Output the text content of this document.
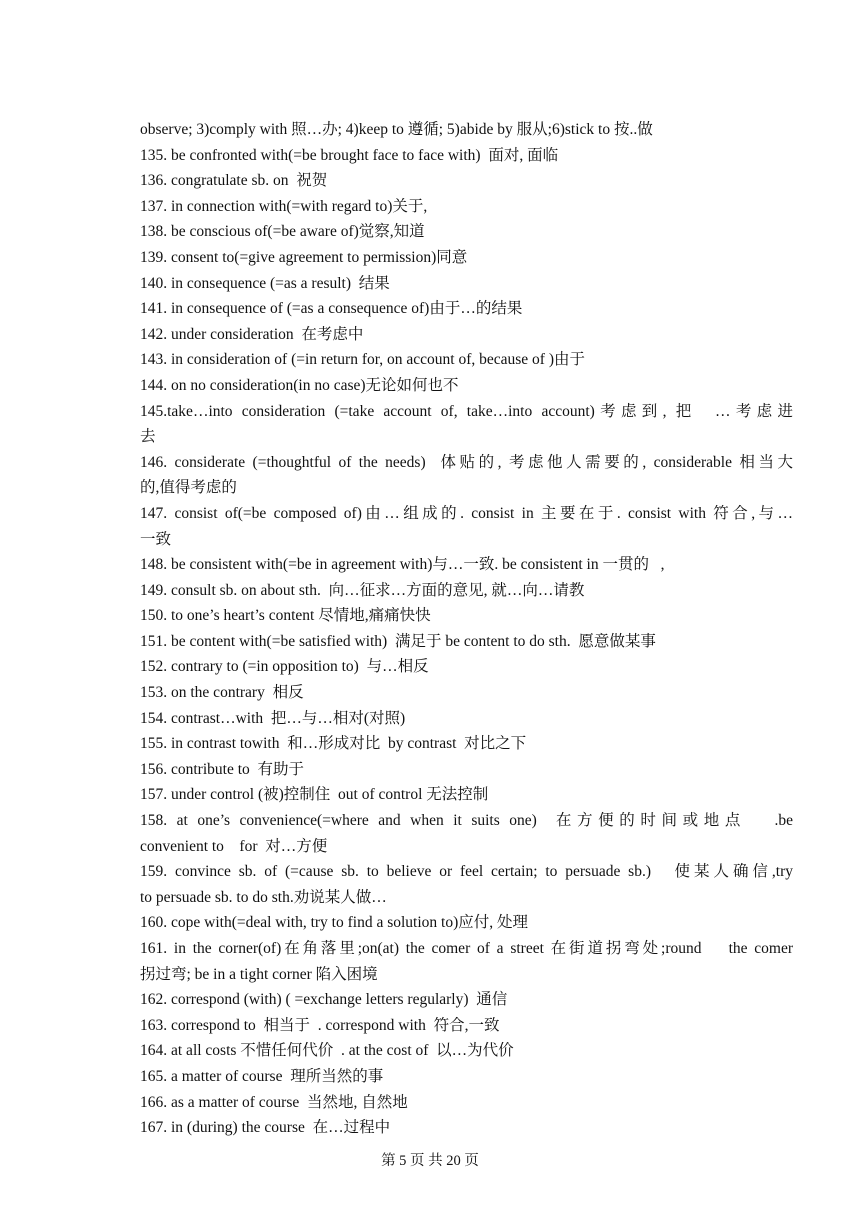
observe; 3)comply with 照…办; 4)keep to 遵循; 5)abide by 服从;6)stick to 按..做
135. be confronted with(=be brought face to face with)  面对, 面临
136. congratulate sb. on  祝贺
137. in connection with(=with regard to)关于,
138. be conscious of(=be aware of)觉察,知道
139. consent to(=give agreement to permission)同意
140. in consequence (=as a result)  结果
141. in consequence of (=as a consequence of)由于…的结果
142. under consideration  在考虑中
143. in consideration of (=in return for, on account of, because of )由于
144. on no consideration(in no case)无论如何也不
145.take…into consideration (=take account of, take…into account)考虑到, 把  …考虑进
去
146. considerate (=thoughtful of the needs)  体贴的, 考虑他人需要的, considerable 相当大
的,值得考虑的
147. consist of(=be composed of)由…组成的. consist in 主要在于. consist with 符合,与…
一致
148. be consistent with(=be in agreement with)与…一致. be consistent in 一贯的   ,
149. consult sb. on about sth.  向…征求…方面的意见, 就…向…请教
150. to one’s heart’s content 尽情地,痛痛快快
151. be content with(=be satisfied with)  满足于 be content to do sth.  愿意做某事
152. contrary to (=in opposition to)  与…相反
153. on the contrary  相反
154. contrast…with  把…与…相对(对照)
155. in contrast towith  和…形成对比  by contrast  对比之下
156. contribute to  有助于
157. under control (被)控制住  out of control 无法控制
158. at one’s convenience(=where and when it suits one)  在方便的时间或地点   .be
convenient to    for  对…方便
159. convince sb. of (=cause sb. to believe or feel certain; to persuade sb.)   使某人确信,try
to persuade sb. to do sth.劝说某人做…
160. cope with(=deal with, try to find a solution to)应付, 处理
161. in the corner(of)在角落里;on(at) the comer of a street 在街道拐弯处;round    the comer
拐过弯; be in a tight corner 陷入困境
162. correspond (with) ( =exchange letters regularly)  通信
163. correspond to  相当于  . correspond with  符合,一致
164. at all costs 不惜任何代价  . at the cost of  以…为代价
165. a matter of course  理所当然的事
166. as a matter of course  当然地, 自然地
167. in (during) the course  在…过程中
第 5 页 共 20 页
